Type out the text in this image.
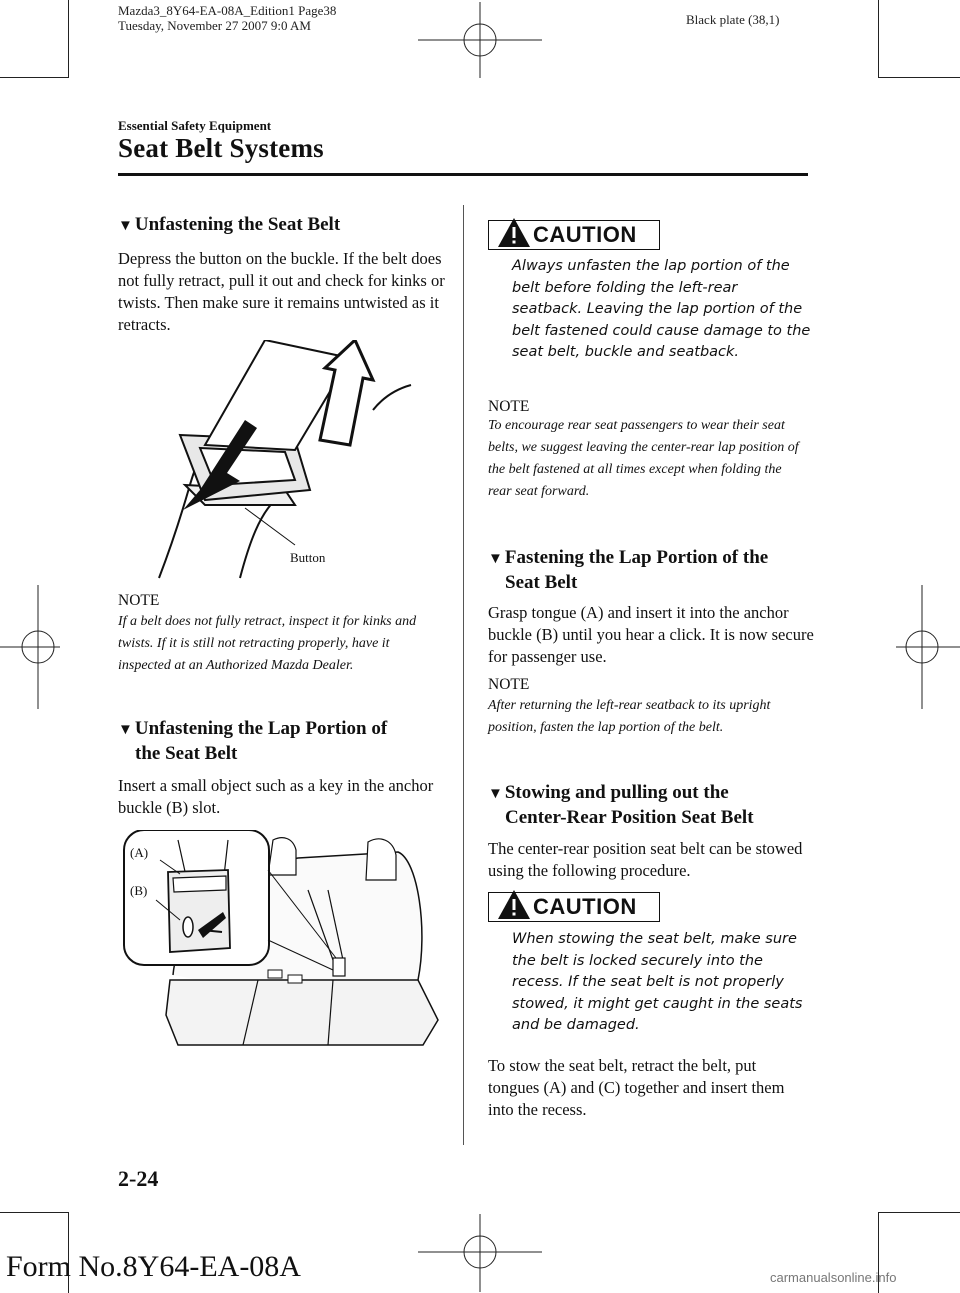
Mazda3_8Y64-EA-08A_Edition1 Page38
Tuesday, November 27 2007 9:0 AM	Black plate (38,1)
Essential Safety Equipment
Seat Belt Systems
▼ Unfastening the Seat Belt

Depress the button on the buckle. If the belt does not fully retract, pull it out and check for kinks or twists. Then make sure it remains untwisted as it retracts.

Button
NOTE

If a belt does not fully retract, inspect it for kinks and twists. If it is still not retracting properly, have it inspected at an Authorized Mazda Dealer.

▼ Unfastening the Lap Portion of
the Seat Belt

Insert a small object such as a key in the anchor buckle (B) slot.

(A)
(B)
CAUTION

Always unfasten the lap portion of the belt before folding the left-rear seatback. Leaving the lap portion of the belt fastened could cause damage to the seat belt, buckle and seatback.

NOTE

To encourage rear seat passengers to wear their seat belts, we suggest leaving the center-rear lap position of the belt fastened at all times except when folding the rear seat forward.

▼ Fastening the Lap Portion of the
Seat Belt

Grasp tongue (A) and insert it into the anchor buckle (B) until you hear a click. It is now secure for passenger use.

NOTE

After returning the left-rear seatback to its upright position, fasten the lap portion of the belt.

▼ Stowing and pulling out the
Center-Rear Position Seat Belt

The center-rear position seat belt can be stowed using the following procedure.

CAUTION

When stowing the seat belt, make sure the belt is locked securely into the recess. If the seat belt is not properly stowed, it might get caught in the seats and be damaged.

To stow the seat belt, retract the belt, put tongues (A) and (C) together and insert them into the recess.

2-24
Form No.8Y64-EA-08A	carmanualsonline.info
